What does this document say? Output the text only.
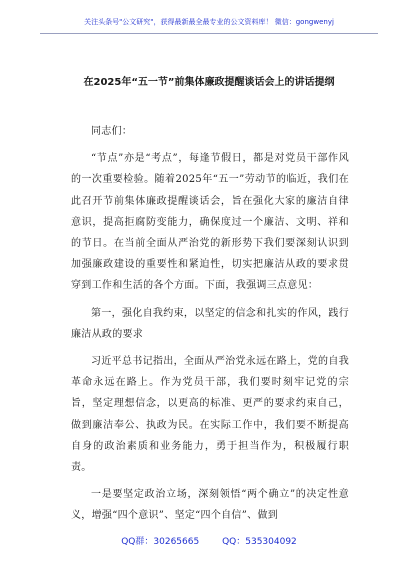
关注头条号"公文研究"，获得最新最全最专业的公文资料库！ 微信：gongwenyj
在2025年“五一节”前集体廉政提醒谈话会上的讲话提纲

同志们：

“节点”亦是“考点”，每逢节假日，都是对党员干部作风的一次重要检验。随着2025年“五一”劳动节的临近，我们在此召开节前集体廉政提醒谈话会，旨在强化大家的廉洁自律意识，提高拒腐防变能力，确保度过一个廉洁、文明、祥和的节日。在当前全面从严治党的新形势下我们要深刻认识到加强廉政建设的重要性和紧迫性，切实把廉洁从政的要求贯穿到工作和生活的各个方面。下面，我强调三点意见：

第一，强化自我约束，以坚定的信念和扎实的作风，践行廉洁从政的要求

习近平总书记指出，全面从严治党永远在路上，党的自我革命永远在路上。作为党员干部，我们要时刻牢记党的宗旨，坚定理想信念，以更高的标准、更严的要求约束自己，做到廉洁奉公、执政为民。在实际工作中，我们要不断提高自身的政治素质和业务能力，勇于担当作为，积极履行职责。

一是要坚定政治立场，深刻领悟“两个确立”的决定性意义，增强“四个意识”、坚定“四个自信”、做到

QQ群：30265665	QQ：535304092
